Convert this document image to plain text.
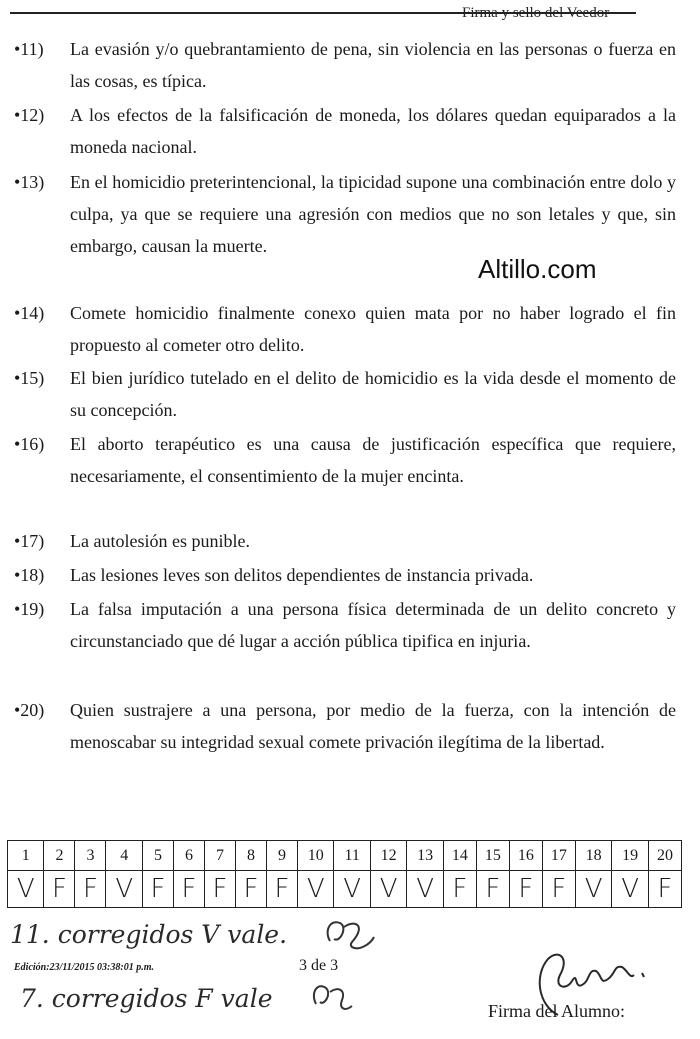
Firma y sello del Veedor
•11) La evasión y/o quebrantamiento de pena, sin violencia en las personas o fuerza en las cosas, es típica.
•12) A los efectos de la falsificación de moneda, los dólares quedan equiparados a la moneda nacional.
•13) En el homicidio preterintencional, la tipicidad supone una combinación entre dolo y culpa, ya que se requiere una agresión con medios que no son letales y que, sin embargo, causan la muerte.
•14) Comete homicidio finalmente conexo quien mata por no haber logrado el fin propuesto al cometer otro delito.
•15) El bien jurídico tutelado en el delito de homicidio es la vida desde el momento de su concepción.
•16) El aborto terapéutico es una causa de justificación específica que requiere, necesariamente, el consentimiento de la mujer encinta.
•17) La autolesión es punible.
•18) Las lesiones leves son delitos dependientes de instancia privada.
•19) La falsa imputación a una persona física determinada de un delito concreto y circunstanciado que dé lugar a acción pública tipifica en injuria.
•20) Quien sustrajere a una persona, por medio de la fuerza, con la intención de menoscabar su integridad sexual comete privación ilegítima de la libertad.
Altillo.com
1	2	3	4	5	6	7	8	9	10	11	12	13	14	15	16	17	18	19	20
V	F	F	V	F	F	F	F	F	V	V	V	V	F	F	F	F	V	V	F
11. corregidos V vale.
Edición:23/11/2015 03:38:01 p.m.	3 de 3
7. corregidos F vale	Firma del Alumno:
